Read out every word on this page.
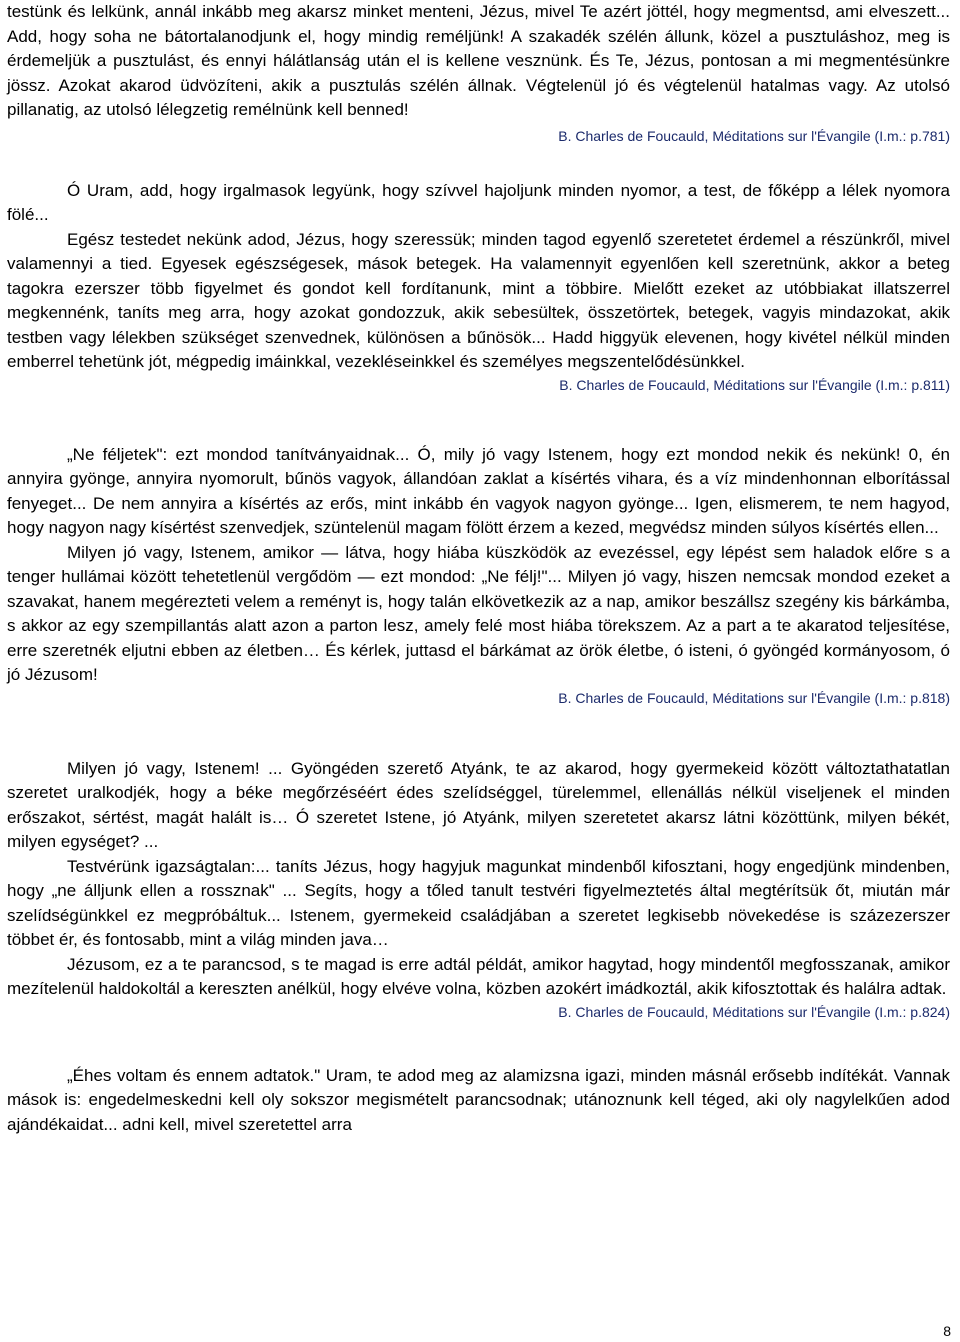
testünk és lelkünk, annál inkább meg akarsz minket menteni, Jézus, mivel Te azért jöttél, hogy megmentsd, ami elveszett... Add, hogy soha ne bátortalanodjunk el, hogy mindig reméljünk! A szakadék szélén állunk, közel a pusztuláshoz, meg is érdemeljük a pusztulást, és ennyi hálátlanság után el is kellene vesznünk. És Te, Jézus, pontosan a mi megmentésünkre jössz. Azokat akarod üdvözíteni, akik a pusztulás szélén állnak. Végtelenül jó és végtelenül hatalmas vagy. Az utolsó pillanatig, az utolsó lélegzetig remélnünk kell benned!

B. Charles de Foucauld, Méditations sur l'Évangile (I.m.: p.781)

Ó Uram, add, hogy irgalmasok legyünk, hogy szívvel hajoljunk minden nyomor, a test, de főképp a lélek nyomora fölé...

Egész testedet nekünk adod, Jézus, hogy szeressük; minden tagod egyenlő szeretetet érdemel a részünkről, mivel valamennyi a tied. Egyesek egészségesek, mások betegek. Ha valamennyit egyenlően kell szeretnünk, akkor a beteg tagokra ezerszer több figyelmet és gondot kell fordítanunk, mint a többire. Mielőtt ezeket az utóbbiakat illatszerrel megkennénk, taníts meg arra, hogy azokat gondozzuk, akik sebesültek, összetörtek, betegek, vagyis mindazokat, akik testben vagy lélekben szükséget szenvednek, különösen a bűnösök... Hadd higgyük elevenen, hogy kivétel nélkül minden emberrel tehetünk jót, mégpedig imáinkkal, vezekléseinkkel és személyes megszentelődésünkkel.

B. Charles de Foucauld, Méditations sur l'Évangile (I.m.: p.811)

„Ne féljetek": ezt mondod tanítványaidnak... Ó, mily jó vagy Istenem, hogy ezt mondod nekik és nekünk! 0, én annyira gyönge, annyira nyomorult, bűnös vagyok, állandóan zaklat a kísértés vihara, és a víz mindenhonnan elborítással fenyeget... De nem annyira a kísértés az erős, mint inkább én vagyok nagyon gyönge... Igen, elismerem, te nem hagyod, hogy nagyon nagy kísértést szenvedjek, szüntelenül magam fölött érzem a kezed, megvédsz minden súlyos kísértés ellen...

Milyen jó vagy, Istenem, amikor — látva, hogy hiába küszködök az evezéssel, egy lépést sem haladok előre s a tenger hullámai között tehetetlenül vergődöm — ezt mondod: „Ne félj!"... Milyen jó vagy, hiszen nemcsak mondod ezeket a szavakat, hanem megérezteti velem a reményt is, hogy talán elkövetkezik az a nap, amikor beszállsz szegény kis bárkámba, s akkor az egy szempillantás alatt azon a parton lesz, amely felé most hiába törekszem. Az a part a te akaratod teljesítése, erre szeretnék eljutni ebben az életben… És kérlek, juttasd el bárkámat az örök életbe, ó isteni, ó gyöngéd kormányosom, ó jó Jézusom!

B. Charles de Foucauld, Méditations sur l'Évangile (I.m.: p.818)

Milyen jó vagy, Istenem! ... Gyöngéden szerető Atyánk, te az akarod, hogy gyermekeid között változtathatatlan szeretet uralkodjék, hogy a béke megőrzéséért édes szelídséggel, türelemmel, ellenállás nélkül viseljenek el minden erőszakot, sértést, magát halált is… Ó szeretet Istene, jó Atyánk, milyen szeretetet akarsz látni közöttünk, milyen békét, milyen egységet? ...

Testvérünk igazságtalan:... taníts Jézus, hogy hagyjuk magunkat mindenből kifosztani, hogy engedjünk mindenben, hogy „ne álljunk ellen a rossznak" ... Segíts, hogy a tőled tanult testvéri figyelmeztetés által megtérítsük őt, miután már szelídségünkkel ez megpróbáltuk... Istenem, gyermekeid családjában a szeretet legkisebb növekedése is százezerszer többet ér, és fontosabb, mint a világ minden java…

Jézusom, ez a te parancsod, s te magad is erre adtál példát, amikor hagytad, hogy mindentől megfosszanak, amikor mezítelenül haldokoltál a kereszten anélkül, hogy elvéve volna, közben azokért imádkoztál, akik kifosztottak és halálra adtak.

B. Charles de Foucauld, Méditations sur l'Évangile (I.m.: p.824)

„Éhes voltam és ennem adtatok." Uram, te adod meg az alamizsna igazi, minden másnál erősebb indítékát. Vannak mások is: engedelmeskedni kell oly sokszor megismételt parancsodnak; utánoznunk kell téged, aki oly nagylelkűen adod ajándékaidat... adni kell, mivel szeretettel arra

8
